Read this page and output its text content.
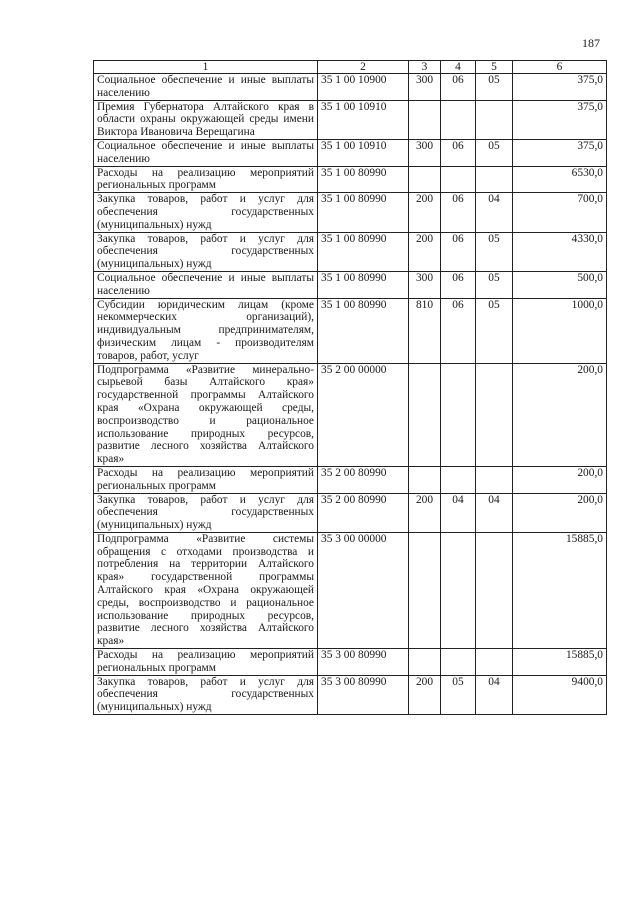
187
1	2	3	4	5	6
Социальное обеспечение и иные выплаты населению	35 1 00 10900	300	06	05	375,0
Премия Губернатора Алтайского края в области охраны окружающей среды имени Виктора Ивановича Верещагина	35 1 00 10910				375,0
Социальное обеспечение и иные выплаты населению	35 1 00 10910	300	06	05	375,0
Расходы на реализацию мероприятий региональных программ	35 1 00 80990				6530,0
Закупка товаров, работ и услуг для обеспечения государственных (муниципальных) нужд	35 1 00 80990	200	06	04	700,0
Закупка товаров, работ и услуг для обеспечения государственных (муниципальных) нужд	35 1 00 80990	200	06	05	4330,0
Социальное обеспечение и иные выплаты населению	35 1 00 80990	300	06	05	500,0
Субсидии юридическим лицам (кроме некоммерческих организаций), индивидуальным предпринимателям, физическим лицам - производителям товаров, работ, услуг	35 1 00 80990	810	06	05	1000,0
Подпрограмма «Развитие минерально-сырьевой базы Алтайского края» государственной программы Алтайского края «Охрана окружающей среды, воспроизводство и рациональное использование природных ресурсов, развитие лесного хозяйства Алтайского края»	35 2 00 00000				200,0
Расходы на реализацию мероприятий региональных программ	35 2 00 80990				200,0
Закупка товаров, работ и услуг для обеспечения государственных (муниципальных) нужд	35 2 00 80990	200	04	04	200,0
Подпрограмма «Развитие системы обращения с отходами производства и потребления на территории Алтайского края» государственной программы Алтайского края «Охрана окружающей среды, воспроизводство и рациональное использование природных ресурсов, развитие лесного хозяйства Алтайского края»	35 3 00 00000				15885,0
Расходы на реализацию мероприятий региональных программ	35 3 00 80990				15885,0
Закупка товаров, работ и услуг для обеспечения государственных (муниципальных) нужд	35 3 00 80990	200	05	04	9400,0
